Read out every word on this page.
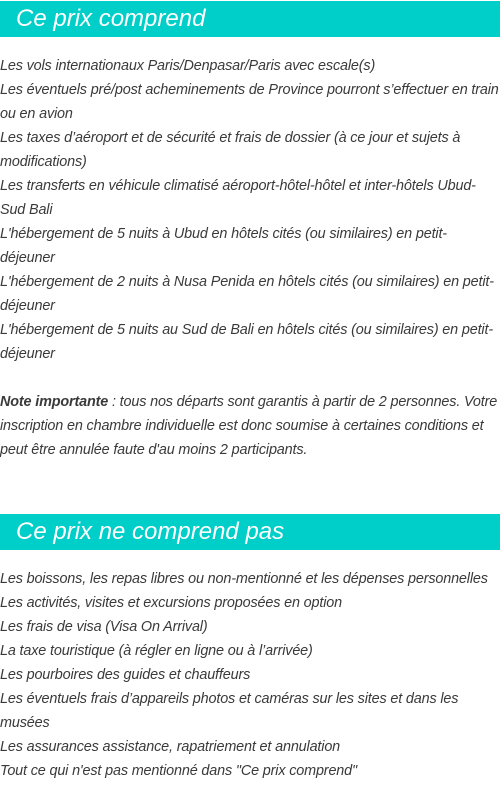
Ce prix comprend
Les vols internationaux Paris/Denpasar/Paris avec escale(s)
Les éventuels pré/post acheminements de Province pourront s’effectuer en train ou en avion
Les taxes d’aéroport et de sécurité et frais de dossier (à ce jour et sujets à modifications)
Les transferts en véhicule climatisé aéroport-hôtel-hôtel et inter-hôtels Ubud-Sud Bali
L'hébergement de 5 nuits à Ubud en hôtels cités (ou similaires) en petit-déjeuner
L'hébergement de 2 nuits à Nusa Penida en hôtels cités (ou similaires) en petit-déjeuner
L'hébergement de 5 nuits au Sud de Bali en hôtels cités (ou similaires) en petit-déjeuner

Note importante : tous nos départs sont garantis à partir de 2 personnes. Votre inscription en chambre individuelle est donc soumise à certaines conditions et peut être annulée faute d'au moins 2 participants.

Ce prix ne comprend pas
Les boissons, les repas libres ou non-mentionné et les dépenses personnelles
Les activités, visites et excursions proposées en option
Les frais de visa (Visa On Arrival)
La taxe touristique (à régler en ligne ou à l’arrivée)
Les pourboires des guides et chauffeurs
Les éventuels frais d’appareils photos et caméras sur les sites et dans les musées
Les assurances assistance, rapatriement et annulation
Tout ce qui n'est pas mentionné dans "Ce prix comprend"
